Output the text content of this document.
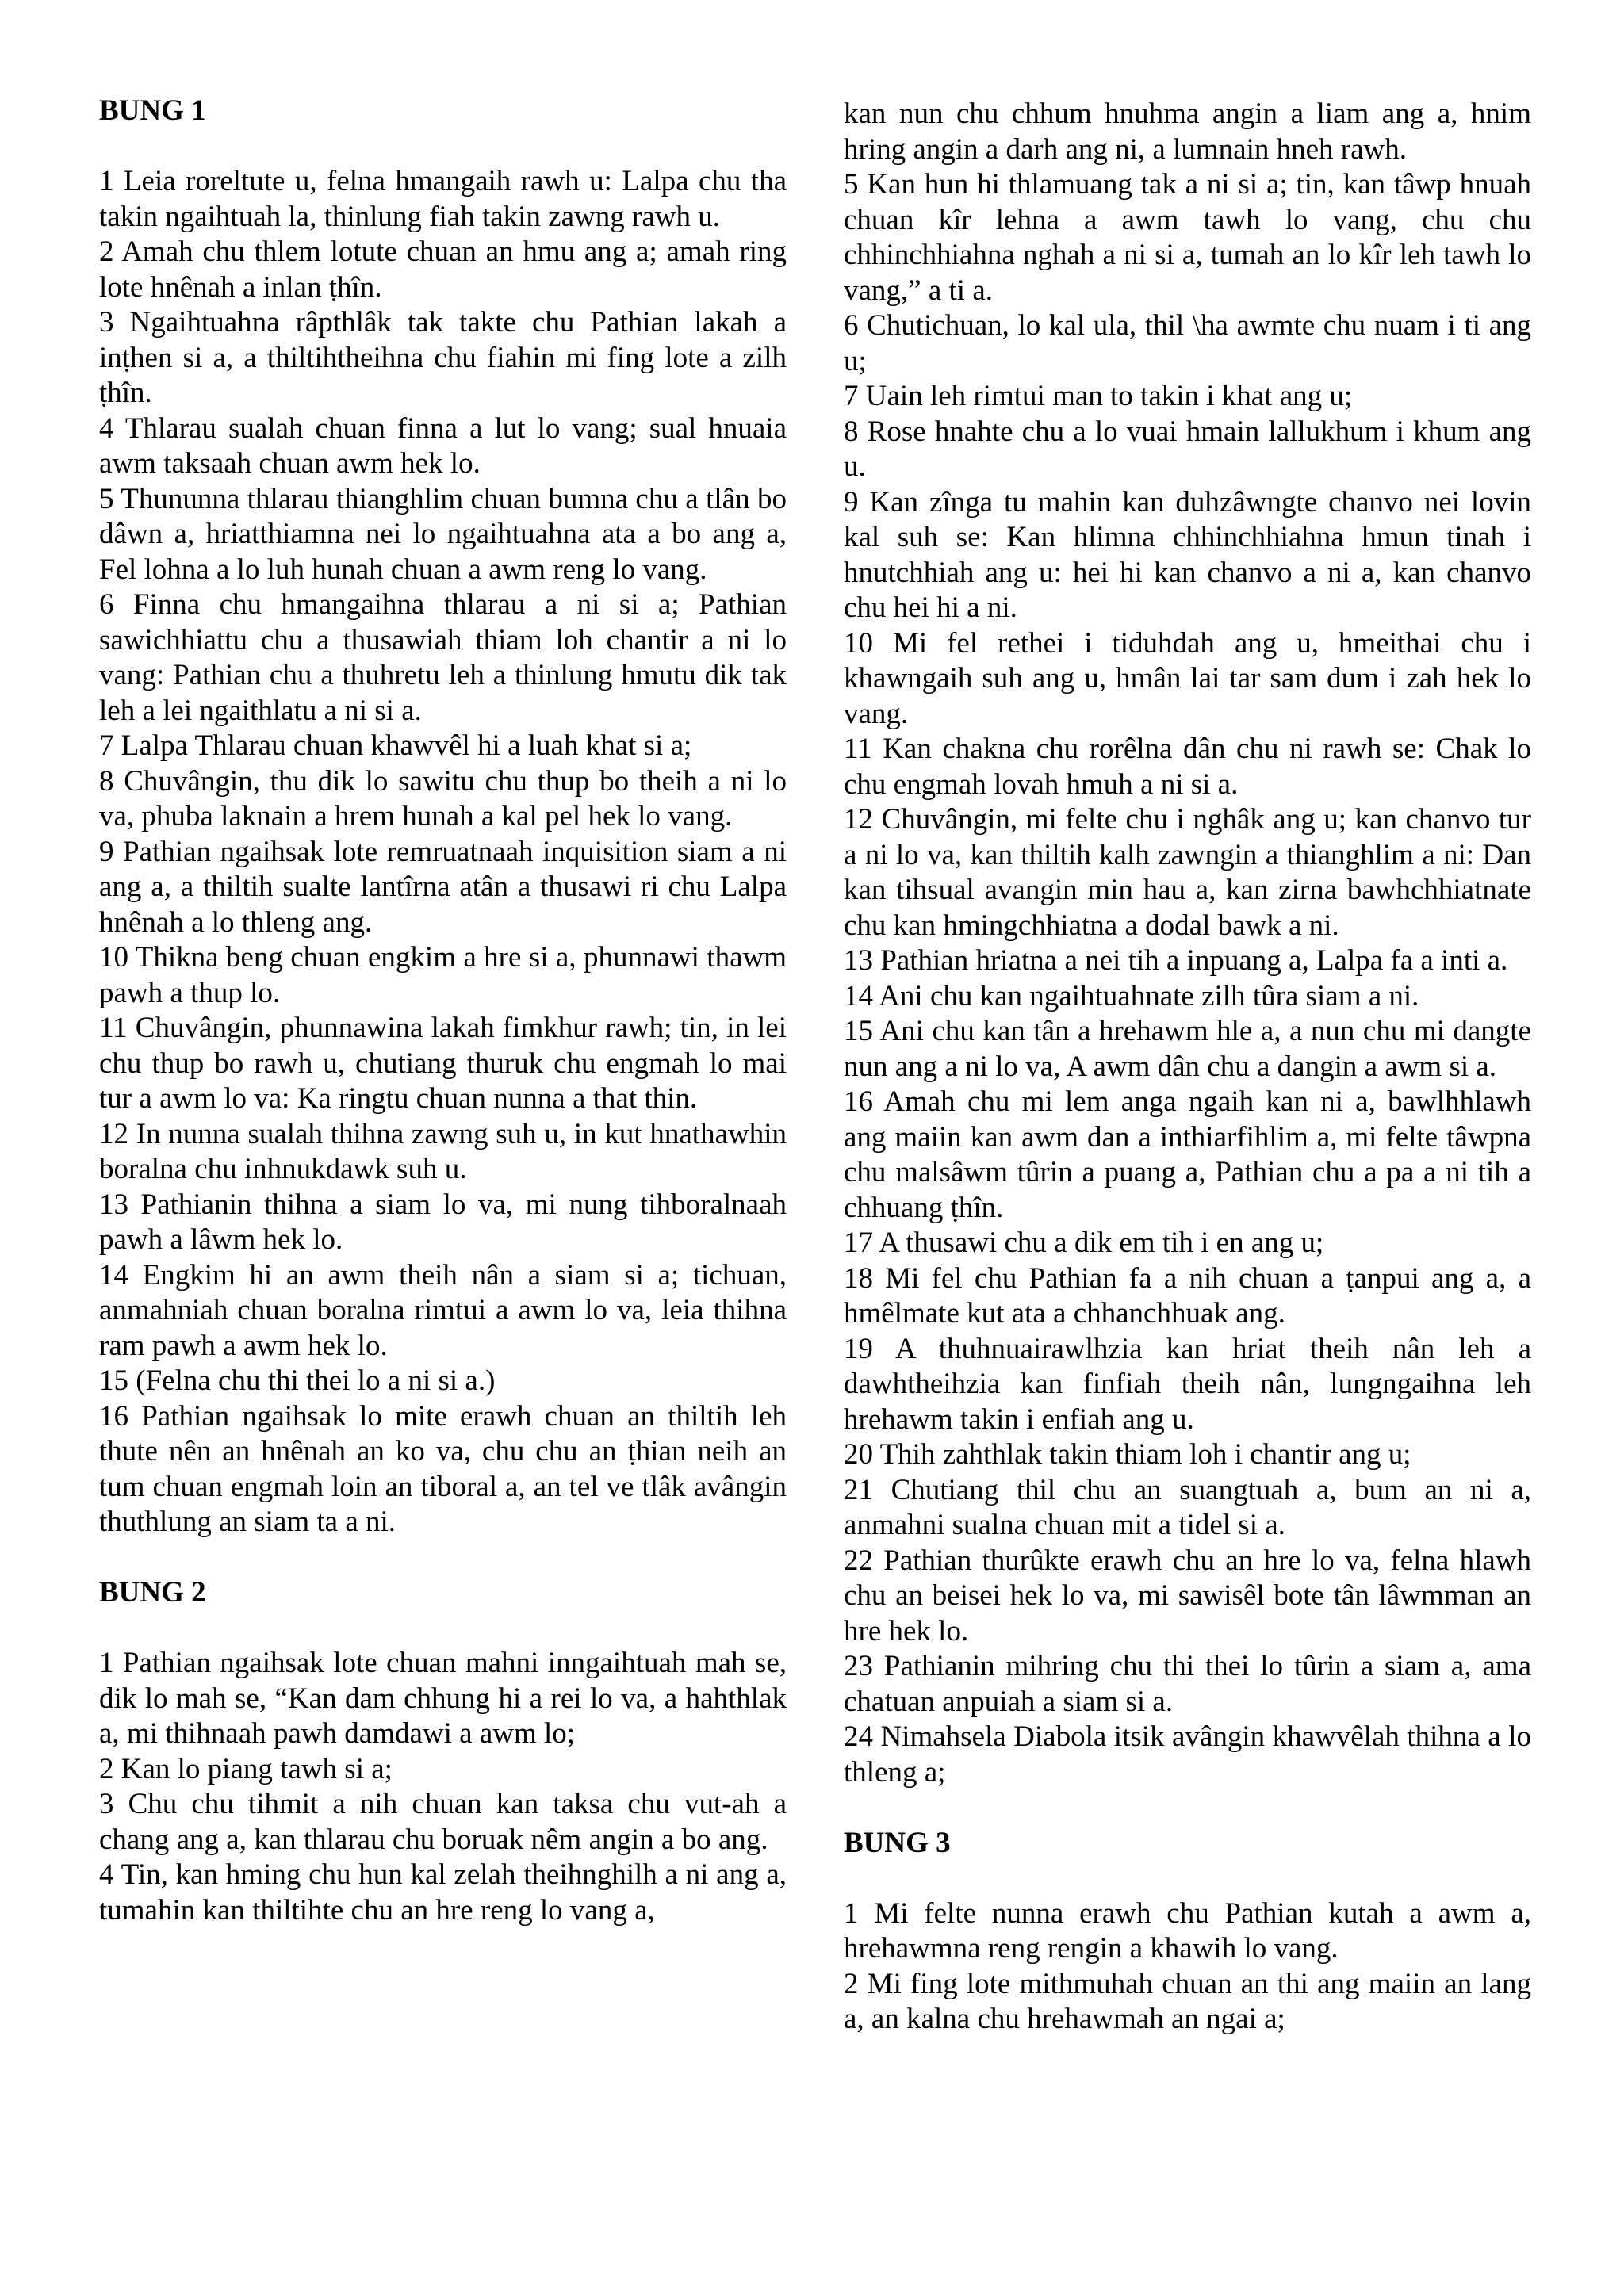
BUNG 1

1 Leia roreltute u, felna hmangaih rawh u: Lalpa chu tha takin ngaihtuah la, thinlung fiah takin zawng rawh u.

2 Amah chu thlem lotute chuan an hmu ang a; amah ring lote hnênah a inlan ṭhîn.

3 Ngaihtuahna râpthlâk tak takte chu Pathian lakah a inṭhen si a, a thiltihtheihna chu fiahin mi fing lote a zilh ṭhîn.

4 Thlarau sualah chuan finna a lut lo vang; sual hnuaia awm taksaah chuan awm hek lo.

5 Thununna thlarau thianghlim chuan bumna chu a tlân bo dâwn a, hriatthiamna nei lo ngaihtuahna ata a bo ang a, Fel lohna a lo luh hunah chuan a awm reng lo vang.

6 Finna chu hmangaihna thlarau a ni si a; Pathian sawichhiattu chu a thusawiah thiam loh chantir a ni lo vang: Pathian chu a thuhretu leh a thinlung hmutu dik tak leh a lei ngaithlatu a ni si a.

7 Lalpa Thlarau chuan khawvêl hi a luah khat si a;

8 Chuvângin, thu dik lo sawitu chu thup bo theih a ni lo va, phuba laknain a hrem hunah a kal pel hek lo vang.

9 Pathian ngaihsak lote remruatnaah inquisition siam a ni ang a, a thiltih sualte lantîrna atân a thusawi ri chu Lalpa hnênah a lo thleng ang.

10 Thikna beng chuan engkim a hre si a, phunnawi thawm pawh a thup lo.

11 Chuvângin, phunnawina lakah fimkhur rawh; tin, in lei chu thup bo rawh u, chutiang thuruk chu engmah lo mai tur a awm lo va: Ka ringtu chuan nunna a that thin.

12 In nunna sualah thihna zawng suh u, in kut hnathawhin boralna chu inhnukdawk suh u.

13 Pathianin thihna a siam lo va, mi nung tihboralnaah pawh a lâwm hek lo.

14 Engkim hi an awm theih nân a siam si a; tichuan, anmahniah chuan boralna rimtui a awm lo va, leia thihna ram pawh a awm hek lo.

15 (Felna chu thi thei lo a ni si a.)

16 Pathian ngaihsak lo mite erawh chuan an thiltih leh thute nên an hnênah an ko va, chu chu an ṭhian neih an tum chuan engmah loin an tiboral a, an tel ve tlâk avângin thuthlung an siam ta a ni.

BUNG 2

1 Pathian ngaihsak lote chuan mahni inngaihtuah mah se, dik lo mah se, “Kan dam chhung hi a rei lo va, a hahthlak a, mi thihnaah pawh damdawi a awm lo;

2 Kan lo piang tawh si a;

3 Chu chu tihmit a nih chuan kan taksa chu vut-ah a chang ang a, kan thlarau chu boruak nêm angin a bo ang.

4 Tin, kan hming chu hun kal zelah theihnghilh a ni ang a, tumahin kan thiltihte chu an hre reng lo vang a,

kan nun chu chhum hnuhma angin a liam ang a, hnim hring angin a darh ang ni, a lumnain hneh rawh.

5 Kan hun hi thlamuang tak a ni si a; tin, kan tâwp hnuah chuan kîr lehna a awm tawh lo vang, chu chu chhinchhiahna nghah a ni si a, tumah an lo kîr leh tawh lo vang,” a ti a.

6 Chutichuan, lo kal ula, thil \ha awmte chu nuam i ti ang u;

7 Uain leh rimtui man to takin i khat ang u;

8 Rose hnahte chu a lo vuai hmain lallukhum i khum ang u.

9 Kan zînga tu mahin kan duhzâwngte chanvo nei lovin kal suh se: Kan hlimna chhinchhiahna hmun tinah i hnutchhiah ang u: hei hi kan chanvo a ni a, kan chanvo chu hei hi a ni.

10 Mi fel rethei i tiduhdah ang u, hmeithai chu i khawngaih suh ang u, hmân lai tar sam dum i zah hek lo vang.

11 Kan chakna chu rorêlna dân chu ni rawh se: Chak lo chu engmah lovah hmuh a ni si a.

12 Chuvângin, mi felte chu i nghâk ang u; kan chanvo tur a ni lo va, kan thiltih kalh zawngin a thianghlim a ni: Dan kan tihsual avangin min hau a, kan zirna bawhchhiatnate chu kan hmingchhiatna a dodal bawk a ni.

13 Pathian hriatna a nei tih a inpuang a, Lalpa fa a inti a.

14 Ani chu kan ngaihtuahnate zilh tûra siam a ni.

15 Ani chu kan tân a hrehawm hle a, a nun chu mi dangte nun ang a ni lo va, A awm dân chu a dangin a awm si a.

16 Amah chu mi lem anga ngaih kan ni a, bawlhhlawh ang maiin kan awm dan a inthiarfihlim a, mi felte tâwpna chu malsâwm tûrin a puang a, Pathian chu a pa a ni tih a chhuang ṭhîn.

17 A thusawi chu a dik em tih i en ang u;

18 Mi fel chu Pathian fa a nih chuan a ṭanpui ang a, a hmêlmate kut ata a chhanchhuak ang.

19 A thuhnuairawlhzia kan hriat theih nân leh a dawhtheihzia kan finfiah theih nân, lungngaihna leh hrehawm takin i enfiah ang u.

20 Thih zahthlak takin thiam loh i chantir ang u;

21 Chutiang thil chu an suangtuah a, bum an ni a, anmahni sualna chuan mit a tidel si a.

22 Pathian thurûkte erawh chu an hre lo va, felna hlawh chu an beisei hek lo va, mi sawisêl bote tân lâwmman an hre hek lo.

23 Pathianin mihring chu thi thei lo tûrin a siam a, ama chatuan anpuiah a siam si a.

24 Nimahsela Diabola itsik avângin khawvêlah thihna a lo thleng a;

BUNG 3

1 Mi felte nunna erawh chu Pathian kutah a awm a, hrehawmna reng rengin a khawih lo vang.

2 Mi fing lote mithmuhah chuan an thi ang maiin an lang a, an kalna chu hrehawmah an ngai a;
